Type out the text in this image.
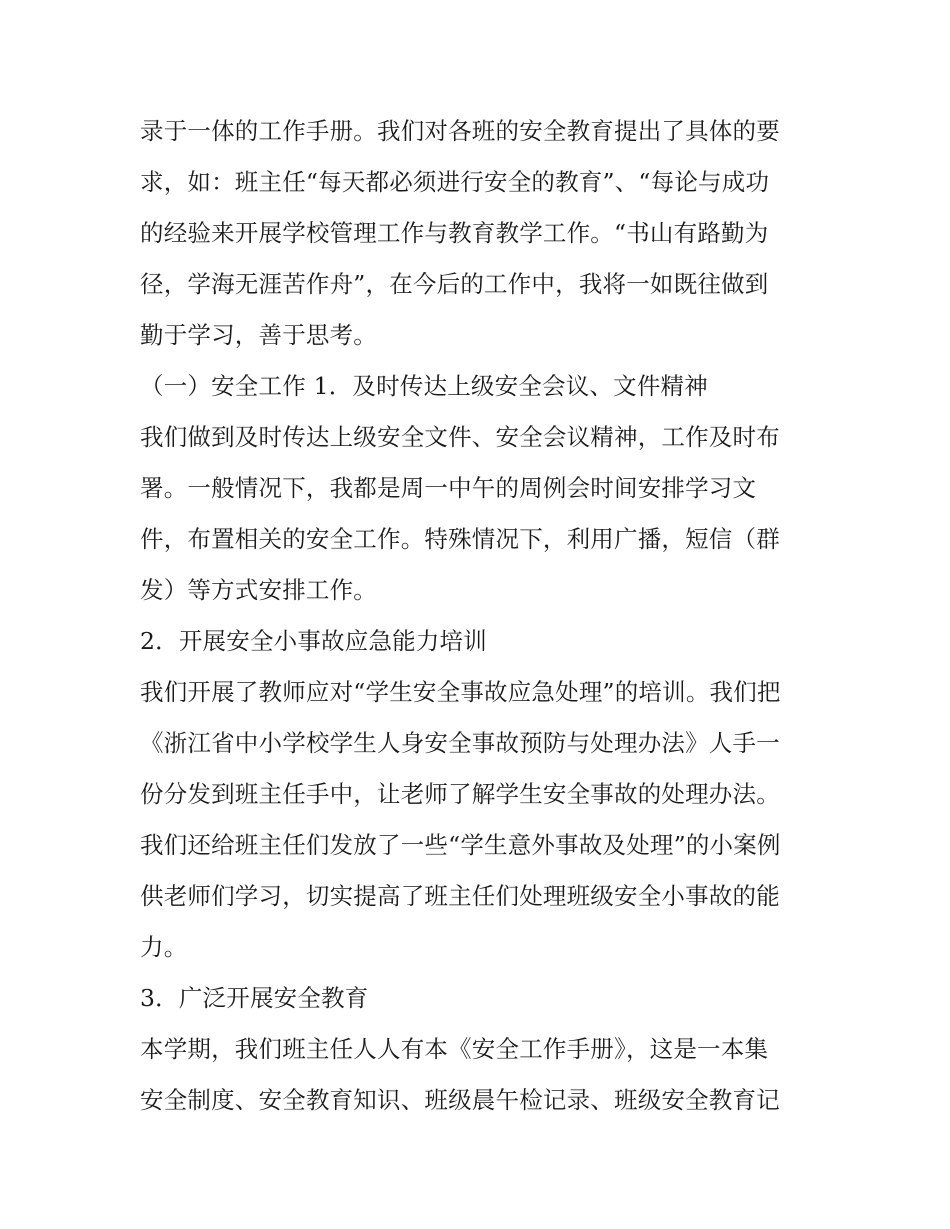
录于一体的工作手册。我们对各班的安全教育提出了具体的要
求，如：班主任“每天都必须进行安全的教育”、“每论与成功
的经验来开展学校管理工作与教育教学工作。“书山有路勤为
径，学海无涯苦作舟”，在今后的工作中，我将一如既往做到
勤于学习，善于思考。
（一）安全工作 1．及时传达上级安全会议、文件精神
我们做到及时传达上级安全文件、安全会议精神，工作及时布
署。一般情况下，我都是周一中午的周例会时间安排学习文
件，布置相关的安全工作。特殊情况下，利用广播，短信（群
发）等方式安排工作。
2．开展安全小事故应急能力培训
我们开展了教师应对“学生安全事故应急处理”的培训。我们把
《浙江省中小学校学生人身安全事故预防与处理办法》人手一
份分发到班主任手中，让老师了解学生安全事故的处理办法。
我们还给班主任们发放了一些“学生意外事故及处理”的小案例
供老师们学习，切实提高了班主任们处理班级安全小事故的能
力。
3．广泛开展安全教育
本学期，我们班主任人人有本《安全工作手册》，这是一本集
安全制度、安全教育知识、班级晨午检记录、班级安全教育记
